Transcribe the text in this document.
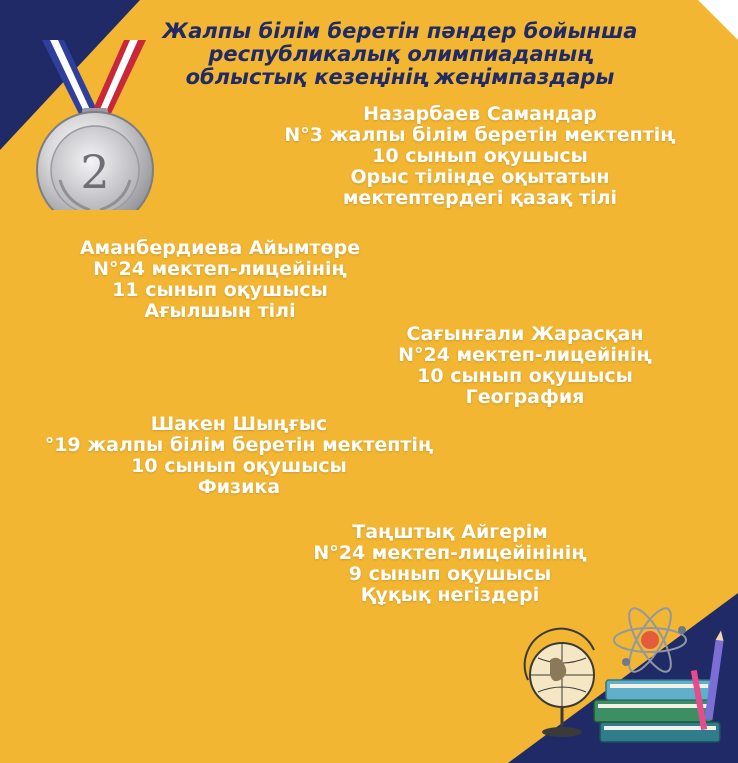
Жалпы білім беретін пәндер бойынша
республикалық олимпиаданың
облыстық кезеңінің жеңімпаздары
2
Назарбаев Самандар
N°3 жалпы білім беретін мектептің
10 сынып оқушысы
Орыс тілінде оқытатын
мектептердегі қазақ тілі
Аманбердиева Айымтөре
N°24 мектеп-лицейінің
11 сынып оқушысы
Ағылшын тілі
Сағынғали Жарасқан
N°24 мектеп-лицейінің
10 сынып оқушысы
География
Шакен Шыңғыс
°19 жалпы білім беретін мектептің
10 сынып оқушысы
Физика
Таңштық Айгерім
N°24 мектеп-лицейінінің
9 сынып оқушысы
Құқық негіздері
